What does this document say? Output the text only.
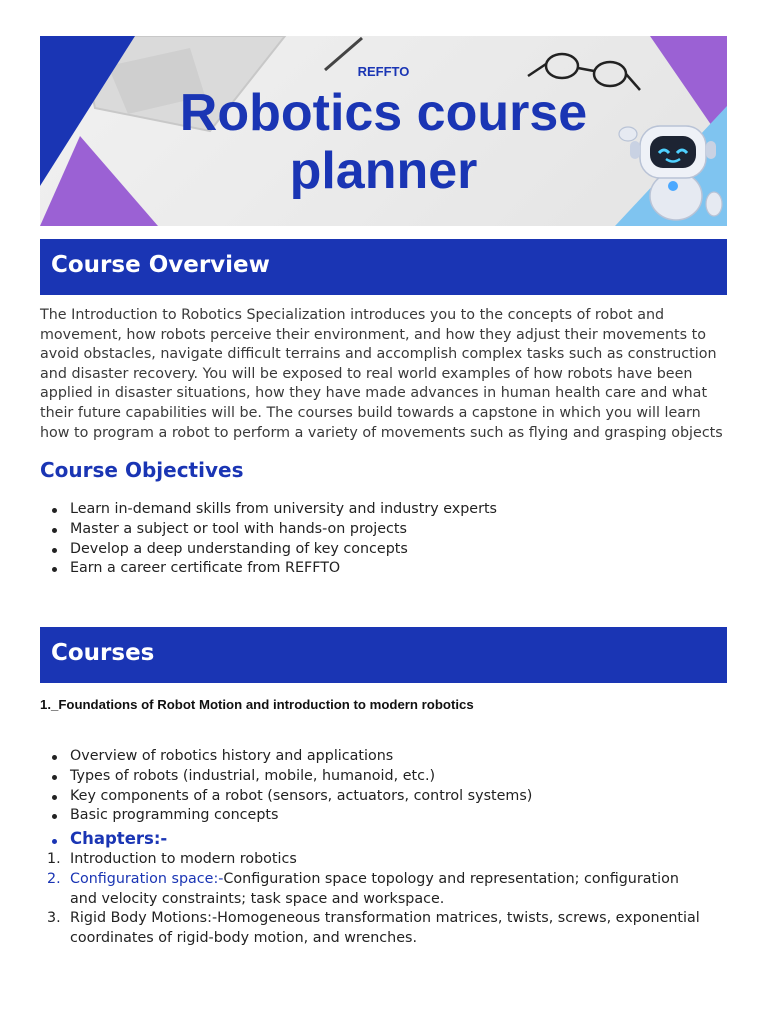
REFFTO
Robotics course planner
Course Overview

The Introduction to Robotics Specialization introduces you to the concepts of robot and movement, how robots perceive their environment, and how they adjust their movements to avoid obstacles, navigate difficult terrains and accomplish complex tasks such as construction and disaster recovery. You will be exposed to real world examples of how robots have been applied in disaster situations, how they have made advances in human health care and what their future capabilities will be. The courses build towards a capstone in which you will learn how to program a robot to perform a variety of movements such as flying and grasping objects

Course Objectives
Learn in-demand skills from university and industry experts
Master a subject or tool with hands-on projects
Develop a deep understanding of key concepts
Earn a career certificate from REFFTO
Courses

1._Foundations of Robot Motion and introduction to modern robotics

Overview of robotics history and applications
Types of robots (industrial, mobile, humanoid, etc.)
Key components of a robot (sensors, actuators, control systems)
Basic programming concepts

Chapters:-

1. Introduction to modern robotics
2. Configuration space:-Configuration space topology and representation; configuration and velocity constraints; task space and workspace.
3. Rigid Body Motions:-Homogeneous transformation matrices, twists, screws, exponential coordinates of rigid-body motion, and wrenches.
